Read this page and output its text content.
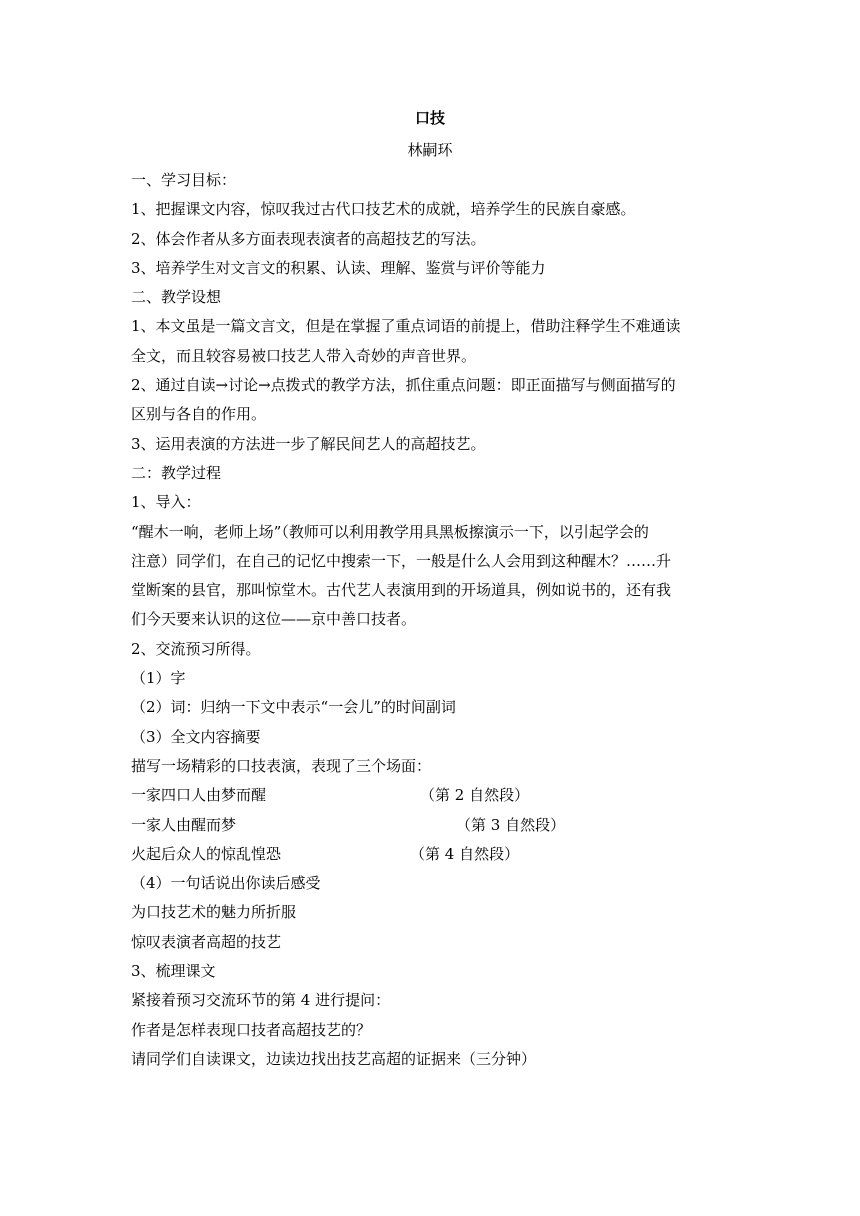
口技
林嗣环
一、学习目标：
1、把握课文内容，惊叹我过古代口技艺术的成就，培养学生的民族自豪感。
2、体会作者从多方面表现表演者的高超技艺的写法。
3、培养学生对文言文的积累、认读、理解、鉴赏与评价等能力
二、教学设想
1、本文虽是一篇文言文，但是在掌握了重点词语的前提上，借助注释学生不难通读
全文，而且较容易被口技艺人带入奇妙的声音世界。
2、通过自读→讨论→点拨式的教学方法，抓住重点问题：即正面描写与侧面描写的
区别与各自的作用。
3、运用表演的方法进一步了解民间艺人的高超技艺。
二：教学过程
1、导入：
“醒木一响，老师上场”（教师可以利用教学用具黑板擦演示一下，以引起学会的
注意）同学们，在自己的记忆中搜索一下，一般是什么人会用到这种醒木？……升
堂断案的县官，那叫惊堂木。古代艺人表演用到的开场道具，例如说书的，还有我
们今天要来认识的这位——京中善口技者。
2、交流预习所得。
（1）字
（2）词：归纳一下文中表示“一会儿”的时间副词
（3）全文内容摘要
描写一场精彩的口技表演，表现了三个场面：
一家四口人由梦而醒	（第 2 自然段）
一家人由醒而梦	（第 3 自然段）
火起后众人的惊乱惶恐	（第 4 自然段）
（4）一句话说出你读后感受
为口技艺术的魅力所折服
惊叹表演者高超的技艺
3、梳理课文
紧接着预习交流环节的第 4 进行提问：
作者是怎样表现口技者高超技艺的？
请同学们自读课文，边读边找出技艺高超的证据来（三分钟）
